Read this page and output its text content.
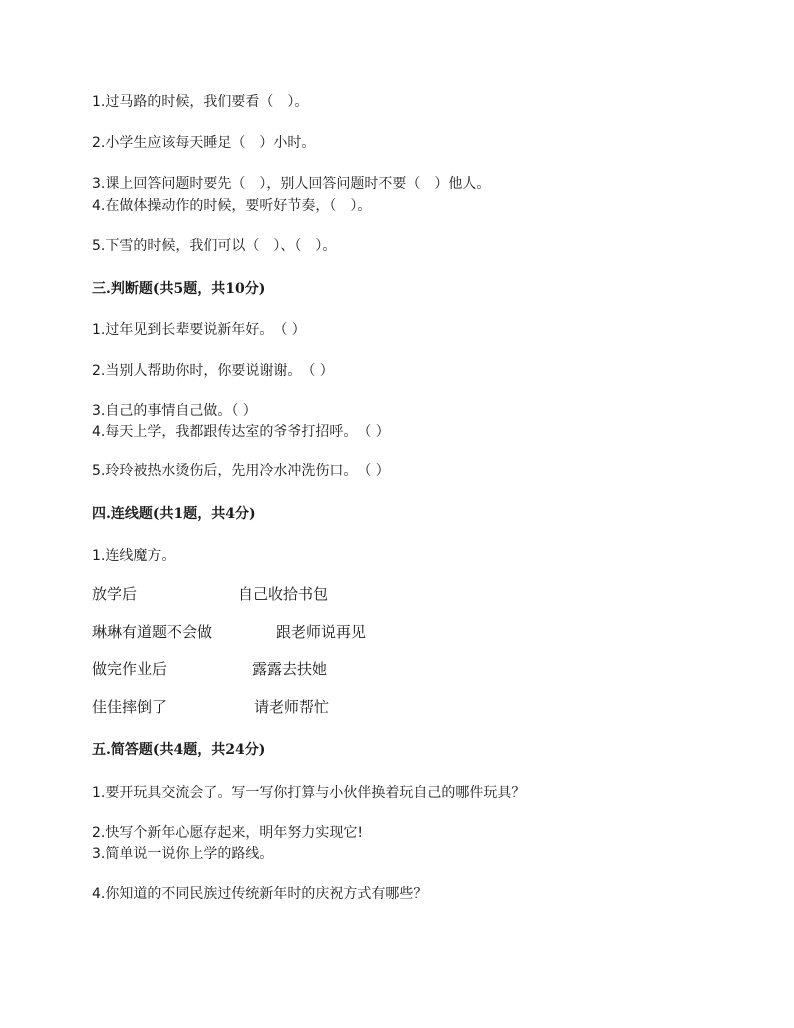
1.过马路的时候，我们要看（　）。
2.小学生应该每天睡足（　）小时。
3.课上回答问题时要先（　），别人回答问题时不要（　）他人。
4.在做体操动作的时候，要听好节奏，（　）。
5.下雪的时候，我们可以（　）、（　）。
三.判断题(共5题，共10分)
1.过年见到长辈要说新年好。　（ ）
2.当别人帮助你时，你要说谢谢。　（ ）
3.自己的事情自己做。（ ）
4.每天上学，我都跟传达室的爷爷打招呼。　（ ）
5.玲玲被热水烫伤后，先用冷水冲洗伤口。　（ ）
四.连线题(共1题，共4分)
1.连线魔方。
放学后	自己收拾书包
琳琳有道题不会做	跟老师说再见
做完作业后	露露去扶她
佳佳摔倒了	请老师帮忙
五.简答题(共4题，共24分)
1.要开玩具交流会了。写一写你打算与小伙伴换着玩自己的哪件玩具？
2.快写个新年心愿存起来，明年努力实现它!
3.简单说一说你上学的路线。
4.你知道的不同民族过传统新年时的庆祝方式有哪些？
